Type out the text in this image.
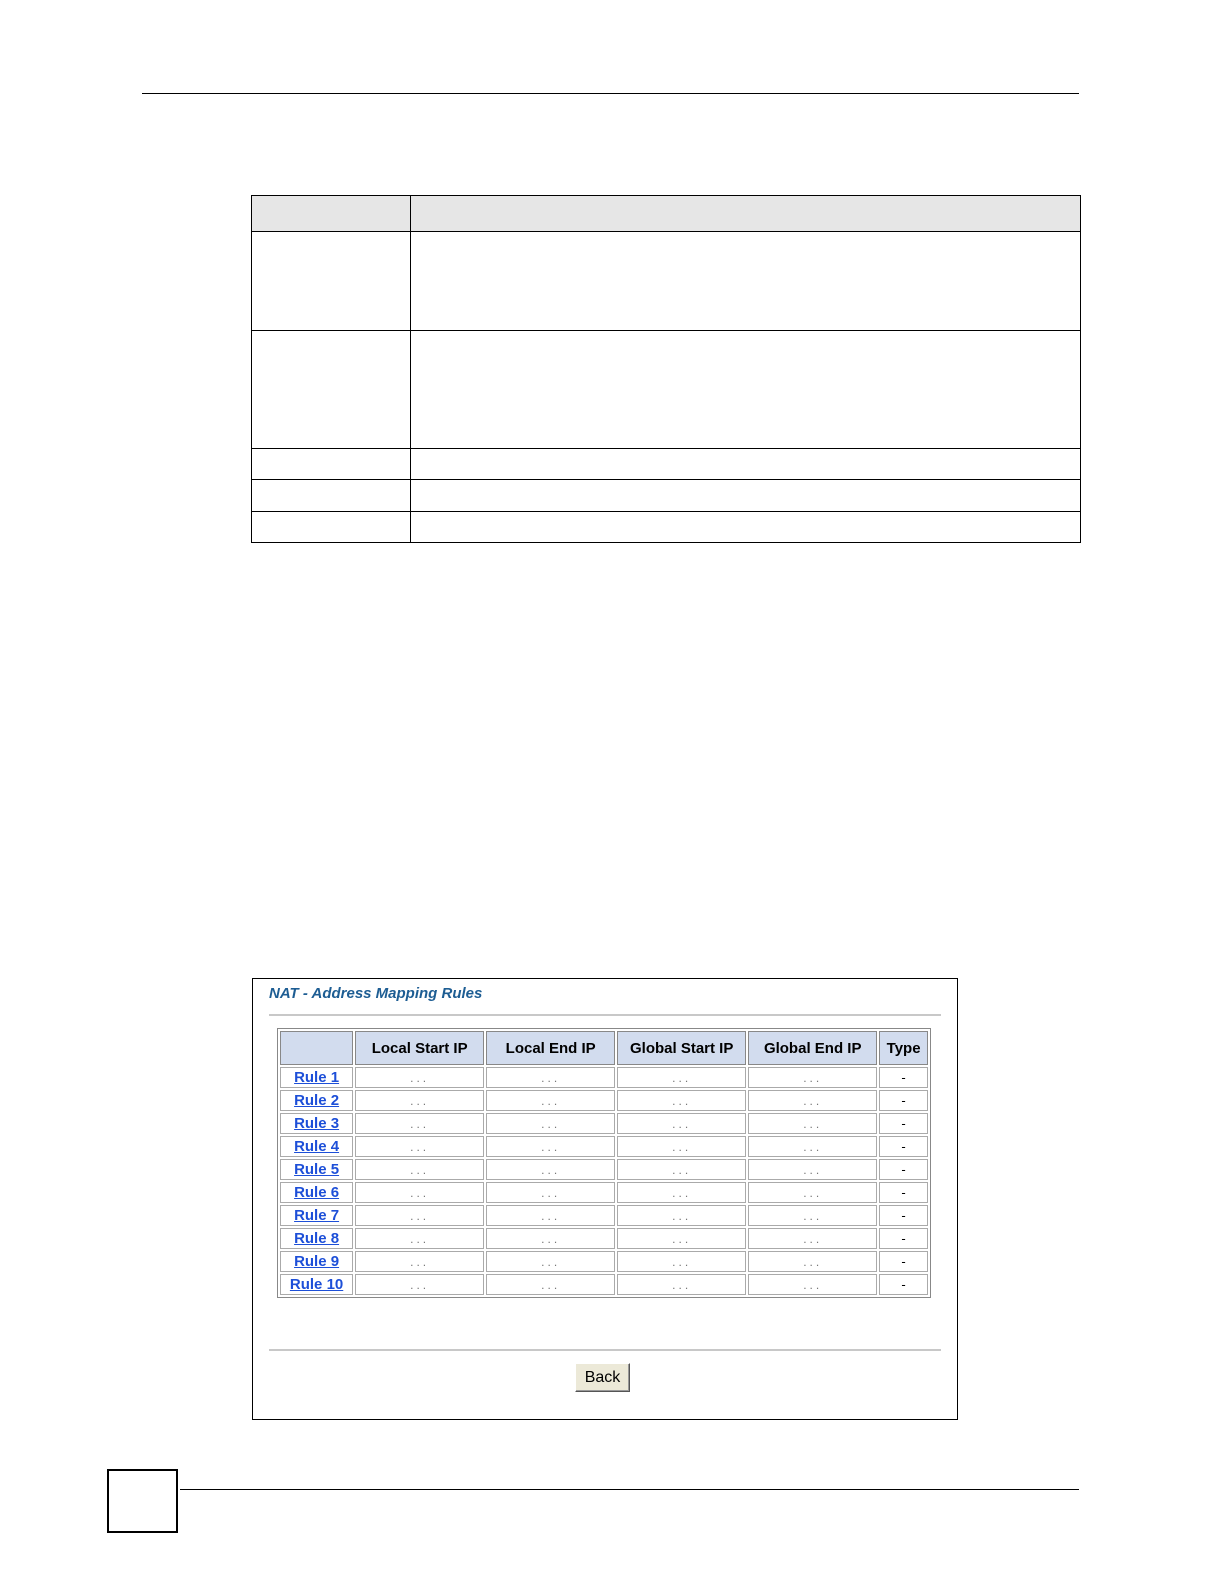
NAT - Address Mapping Rules
	Local Start IP	Local End IP	Global Start IP	Global End IP	Type
Rule 1	...	...	...	...	-
Rule 2	...	...	...	...	-
Rule 3	...	...	...	...	-
Rule 4	...	...	...	...	-
Rule 5	...	...	...	...	-
Rule 6	...	...	...	...	-
Rule 7	...	...	...	...	-
Rule 8	...	...	...	...	-
Rule 9	...	...	...	...	-
Rule 10	...	...	...	...	-
Back
